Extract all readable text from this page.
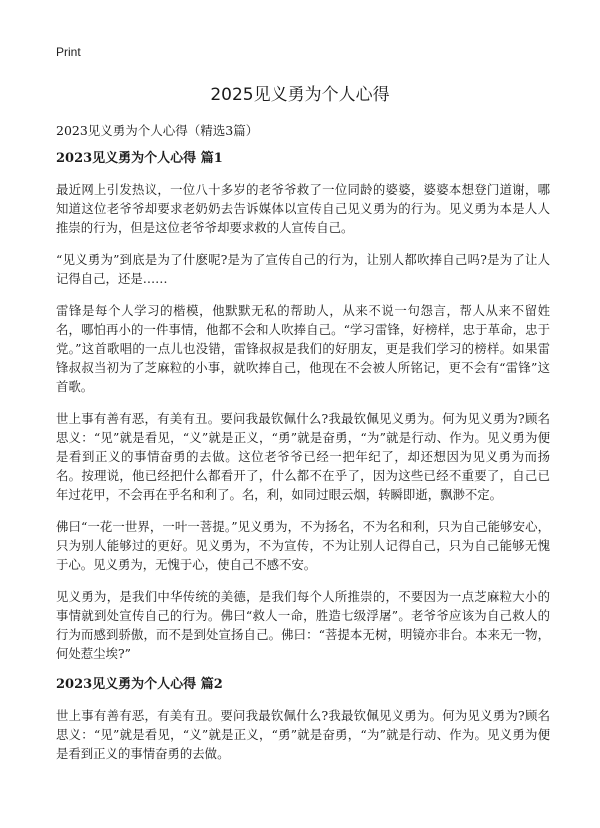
Print
2025见义勇为个人心得

2023见义勇为个人心得（精选3篇）

2023见义勇为个人心得 篇1

最近网上引发热议，一位八十多岁的老爷爷救了一位同龄的婆婆，婆婆本想登门道谢，哪知道这位老爷爷却要求老奶奶去告诉媒体以宣传自己见义勇为的行为。见义勇为本是人人推崇的行为，但是这位老爷爷却要求救的人宣传自己。

“见义勇为”到底是为了什麽呢?是为了宣传自己的行为，让别人都吹捧自己吗?是为了让人记得自己，还是……

雷锋是每个人学习的楷模，他默默无私的帮助人，从来不说一句怨言，帮人从来不留姓名，哪怕再小的一件事情，他都不会和人吹捧自己。“学习雷锋，好榜样，忠于革命，忠于党。”这首歌唱的一点儿也没错，雷锋叔叔是我们的好朋友，更是我们学习的榜样。如果雷锋叔叔当初为了芝麻粒的小事，就吹捧自己，他现在不会被人所铭记，更不会有“雷锋”这首歌。

世上事有善有恶，有美有丑。要问我最钦佩什么?我最钦佩见义勇为。何为见义勇为?顾名思义：“见”就是看见，“义”就是正义，“勇”就是奋勇，“为”就是行动、作为。见义勇为便是看到正义的事情奋勇的去做。这位老爷爷已经一把年纪了，却还想因为见义勇为而扬名。按理说，他已经把什么都看开了，什么都不在乎了，因为这些已经不重要了，自己已年过花甲，不会再在乎名和利了。名，利，如同过眼云烟，转瞬即逝，飘渺不定。

佛曰“一花一世界，一叶一菩提。”见义勇为，不为扬名，不为名和利，只为自己能够安心，只为别人能够过的更好。见义勇为，不为宣传，不为让别人记得自己，只为自己能够无愧于心。见义勇为，无愧于心，使自己不感不安。

见义勇为，是我们中华传统的美德，是我们每个人所推崇的，不要因为一点芝麻粒大小的事情就到处宣传自己的行为。佛曰“救人一命，胜造七级浮屠”。老爷爷应该为自己救人的行为而感到骄傲，而不是到处宣扬自己。佛曰：“菩提本无树，明镜亦非台。本来无一物，何处惹尘埃?”

2023见义勇为个人心得 篇2

世上事有善有恶，有美有丑。要问我最钦佩什么?我最钦佩见义勇为。何为见义勇为?顾名思义：“见”就是看见，“义”就是正义，“勇”就是奋勇，“为”就是行动、作为。见义勇为便是看到正义的事情奋勇的去做。
